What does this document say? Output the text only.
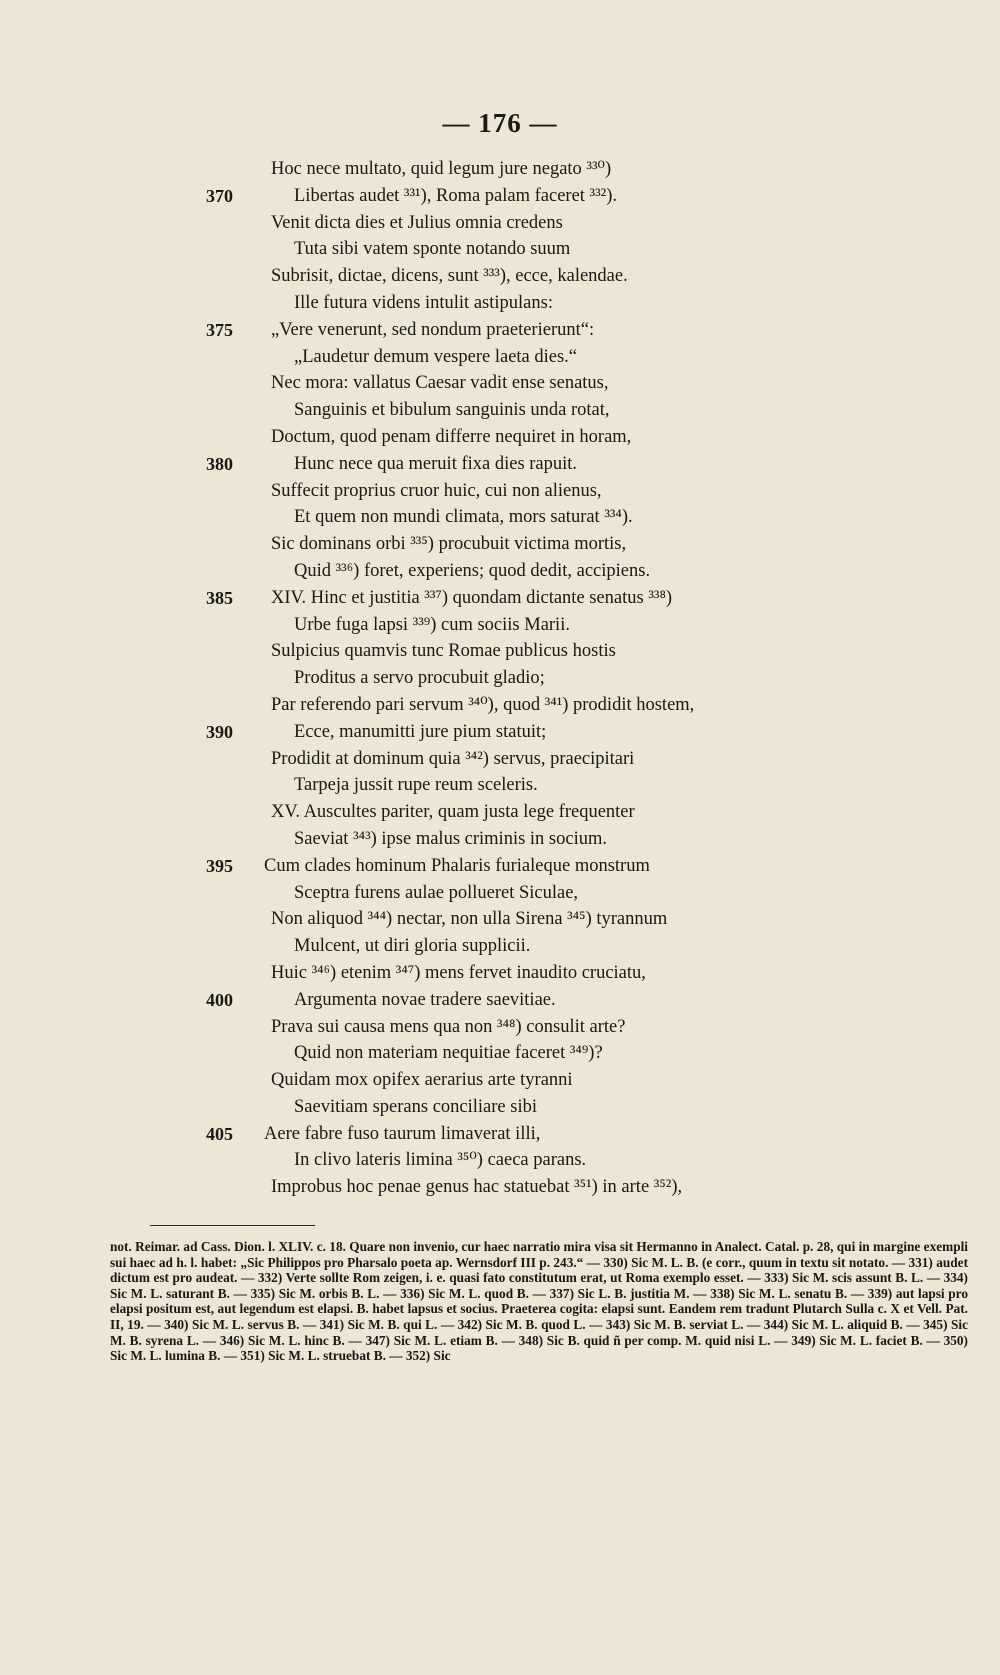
— 176 —
Hoc nece multato, quid legum jure negato ³³⁰)
370	Libertas audet ³³¹), Roma palam faceret ³³²).
Venit dicta dies et Julius omnia credens
Tuta sibi vatem sponte notando suum
Subrisit, dictae, dicens, sunt ³³³), ecce, kalendae.
Ille futura videns intulit astipulans:
375	„Vere venerunt, sed nondum praeterierunt“:
„Laudetur demum vespere laeta dies.“
Nec mora: vallatus Caesar vadit ense senatus,
Sanguinis et bibulum sanguinis unda rotat,
Doctum, quod penam differre nequiret in horam,
380	Hunc nece qua meruit fixa dies rapuit.
Suffecit proprius cruor huic, cui non alienus,
Et quem non mundi climata, mors saturat ³³⁴).
Sic dominans orbi ³³⁵) procubuit victima mortis,
Quid ³³⁶) foret, experiens; quod dedit, accipiens.
385	XIV. Hinc et justitia ³³⁷) quondam dictante senatus ³³⁸)
Urbe fuga lapsi ³³⁹) cum sociis Marii.
Sulpicius quamvis tunc Romae publicus hostis
Proditus a servo procubuit gladio;
Par referendo pari servum ³⁴⁰), quod ³⁴¹) prodidit hostem,
390	Ecce, manumitti jure pium statuit;
Prodidit at dominum quia ³⁴²) servus, praecipitari
Tarpeja jussit rupe reum sceleris.
XV. Auscultes pariter, quam justa lege frequenter
Saeviat ³⁴³) ipse malus criminis in socium.
395	Cum clades hominum Phalaris furialeque monstrum
Sceptra furens aulae pollueret Siculae,
Non aliquod ³⁴⁴) nectar, non ulla Sirena ³⁴⁵) tyrannum
Mulcent, ut diri gloria supplicii.
Huic ³⁴⁶) etenim ³⁴⁷) mens fervet inaudito cruciatu,
400	Argumenta novae tradere saevitiae.
Prava sui causa mens qua non ³⁴⁸) consulit arte?
Quid non materiam nequitiae faceret ³⁴⁹)?
Quidam mox opifex aerarius arte tyranni
Saevitiam sperans conciliare sibi
405	Aere fabre fuso taurum limaverat illi,
In clivo lateris limina ³⁵⁰) caeca parans.
Improbus hoc penae genus hac statuebat ³⁵¹) in arte ³⁵²),

not. Reimar. ad Cass. Dion. l. XLIV. c. 18. Quare non invenio, cur haec narratio mira visa sit Hermanno in Analect. Catal. p. 28, qui in margine exempli sui haec ad h. l. habet: „Sic Philippos pro Pharsalo poeta ap. Wernsdorf III p. 243.“ — 330) Sic M. L. B. (e corr., quum in textu sit notato. — 331) audet dictum est pro audeat. — 332) Verte sollte Rom zeigen, i. e. quasi fato constitutum erat, ut Roma exemplo esset. — 333) Sic M. scis assunt B. L. — 334) Sic M. L. saturant B. — 335) Sic M. orbis B. L. — 336) Sic M. L. quod B. — 337) Sic L. B. justitia M. — 338) Sic M. L. senatu B. — 339) aut lapsi pro elapsi positum est, aut legendum est elapsi. B. habet lapsus et socius. Praeterea cogita: elapsi sunt. Eandem rem tradunt Plutarch Sulla c. X et Vell. Pat. II, 19. — 340) Sic M. L. servus B. — 341) Sic M. B. qui L. — 342) Sic M. B. quod L. — 343) Sic M. B. serviat L. — 344) Sic M. L. aliquid B. — 345) Sic M. B. syrena L. — 346) Sic M. L. hinc B. — 347) Sic M. L. etiam B. — 348) Sic B. quid ñ per comp. M. quid nisi L. — 349) Sic M. L. faciet B. — 350) Sic M. L. lumina B. — 351) Sic M. L. struebat B. — 352) Sic
